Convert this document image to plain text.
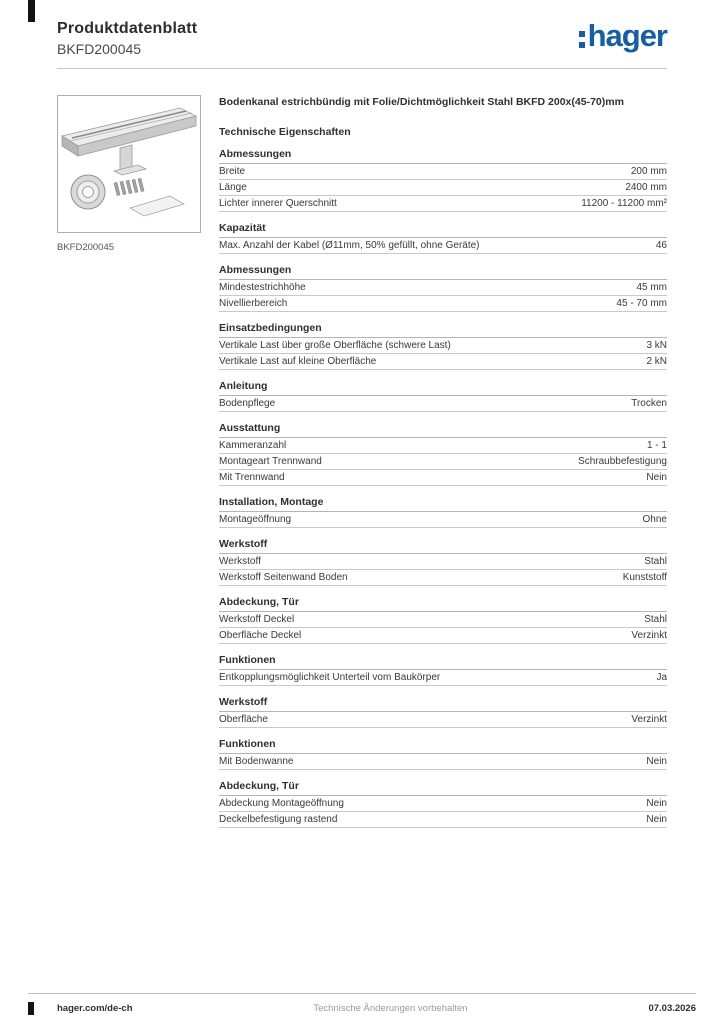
Produktdatenblatt
BKFD200045	hager
BKFD200045
Bodenkanal estrichbündig mit Folie/Dichtmöglichkeit Stahl BKFD 200x(45-70)mm
Technische Eigenschaften
Abmessungen
Breite	200 mm
Länge	2400 mm
Lichter innerer Querschnitt	11200 - 11200 mm²
Kapazität
Max. Anzahl der Kabel (Ø11mm, 50% gefüllt, ohne Geräte)	46
Abmessungen
Mindestestrichhöhe	45 mm
Nivellierbereich	45 - 70 mm
Einsatzbedingungen
Vertikale Last über große Oberfläche (schwere Last)	3 kN
Vertikale Last auf kleine Oberfläche	2 kN
Anleitung
Bodenpflege	Trocken
Ausstattung
Kammeranzahl	1 - 1
Montageart Trennwand	Schraubbefestigung
Mit Trennwand	Nein
Installation, Montage
Montageöffnung	Ohne
Werkstoff
Werkstoff	Stahl
Werkstoff Seitenwand Boden	Kunststoff
Abdeckung, Tür
Werkstoff Deckel	Stahl
Oberfläche Deckel	Verzinkt
Funktionen
Entkopplungsmöglichkeit Unterteil vom Baukörper	Ja
Werkstoff
Oberfläche	Verzinkt
Funktionen
Mit Bodenwanne	Nein
Abdeckung, Tür
Abdeckung Montageöffnung	Nein
Deckelbefestigung rastend	Nein
hager.com/de-ch	Technische Änderungen vorbehalten	07.03.2026
